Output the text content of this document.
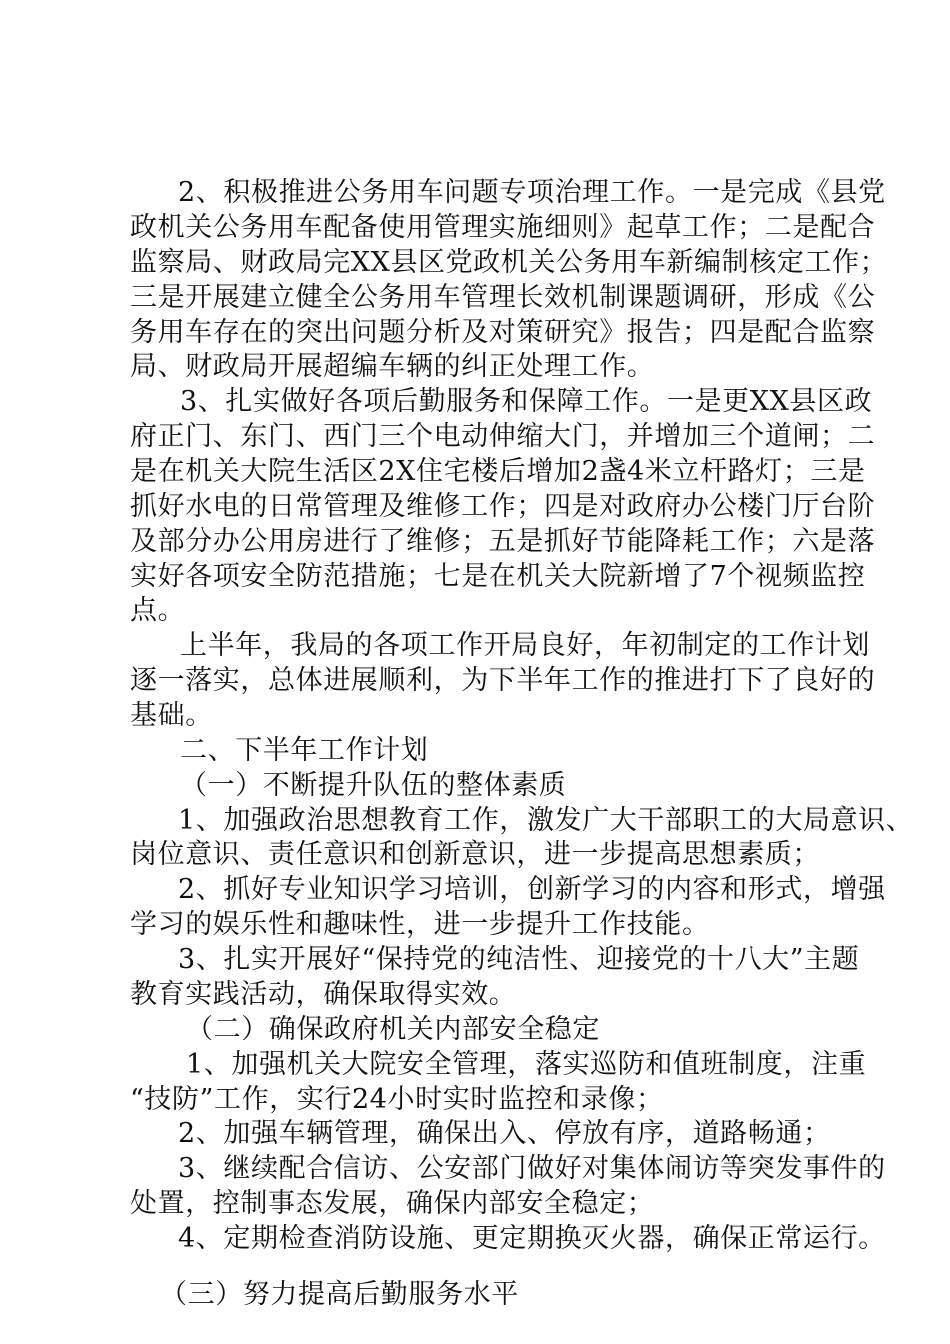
2、积极推进公务用车问题专项治理工作。一是完成《县党
政机关公务用车配备使用管理实施细则》起草工作；二是配合
监察局、财政局完XX县区党政机关公务用车新编制核定工作；
三是开展建立健全公务用车管理长效机制课题调研，形成《公
务用车存在的突出问题分析及对策研究》报告；四是配合监察
局、财政局开展超编车辆的纠正处理工作。
3、扎实做好各项后勤服务和保障工作。一是更XX县区政
府正门、东门、西门三个电动伸缩大门，并增加三个道闸；二
是在机关大院生活区2X住宅楼后增加2盏4米立杆路灯；三是
抓好水电的日常管理及维修工作；四是对政府办公楼门厅台阶
及部分办公用房进行了维修；五是抓好节能降耗工作；六是落
实好各项安全防范措施；七是在机关大院新增了7个视频监控
点。
上半年，我局的各项工作开局良好，年初制定的工作计划
逐一落实，总体进展顺利，为下半年工作的推进打下了良好的
基础。
二、下半年工作计划
（一）不断提升队伍的整体素质
1、加强政治思想教育工作，激发广大干部职工的大局意识、
岗位意识、责任意识和创新意识，进一步提高思想素质；
2、抓好专业知识学习培训，创新学习的内容和形式，增强
学习的娱乐性和趣味性，进一步提升工作技能。
3、扎实开展好“保持党的纯洁性、迎接党的十八大”主题
教育实践活动，确保取得实效。
（二）确保政府机关内部安全稳定
1、加强机关大院安全管理，落实巡防和值班制度，注重
“技防”工作，实行24小时实时监控和录像；
2、加强车辆管理，确保出入、停放有序，道路畅通；
3、继续配合信访、公安部门做好对集体闹访等突发事件的
处置，控制事态发展，确保内部安全稳定；
4、定期检查消防设施、更定期换灭火器，确保正常运行。
（三）努力提高后勤服务水平
